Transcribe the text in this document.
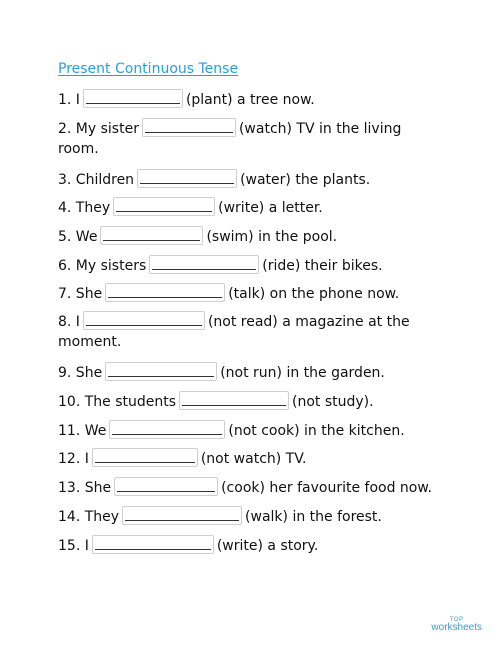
Present Continuous Tense
1. I	(plant) a tree now.
2. My sister	(watch) TV in the living room.
3. Children	(water) the plants.
4. They	(write) a letter.
5. We	(swim) in the pool.
6. My sisters	(ride) their bikes.
7. She	(talk) on the phone now.
8. I	(not read) a magazine at the moment.
9. She	(not run) in the garden.
10. The students	(not study).
11. We	(not cook) in the kitchen.
12. I	(not watch) TV.
13. She	(cook) her favourite food now.
14. They	(walk) in the forest.
15. I	(write) a story.
TOP
worksheets
